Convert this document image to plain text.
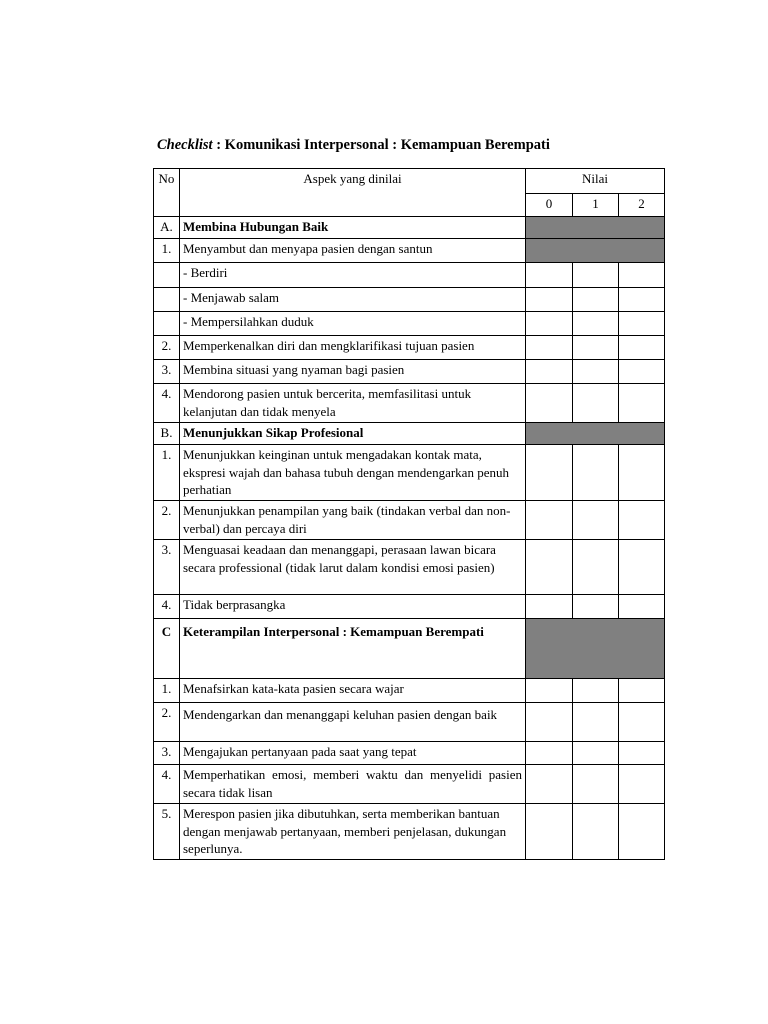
Checklist : Komunikasi Interpersonal : Kemampuan Berempati
No	Aspek yang dinilai	Nilai		
		0	1	2
A.	Membina Hubungan Baik			
1.	Menyambut dan menyapa pasien dengan santun			
	- Berdiri			
	- Menjawab salam			
	- Mempersilahkan duduk			
2.	Memperkenalkan diri dan mengklarifikasi tujuan pasien			
3.	Membina situasi yang nyaman bagi pasien			
4.	Mendorong pasien untuk bercerita, memfasilitasi untuk kelanjutan dan tidak menyela			
B.	Menunjukkan Sikap Profesional			
1.	Menunjukkan keinginan untuk mengadakan kontak mata, ekspresi wajah dan bahasa tubuh dengan mendengarkan penuh perhatian			
2.	Menunjukkan penampilan yang baik (tindakan verbal dan non-verbal) dan percaya diri			
3.	Menguasai keadaan dan menanggapi, perasaan lawan bicara secara professional (tidak larut dalam kondisi emosi pasien)			
4.	Tidak berprasangka			
C	Keterampilan Interpersonal : Kemampuan Berempati			
1.	Menafsirkan kata-kata pasien secara wajar			
2.	Mendengarkan dan menanggapi keluhan pasien dengan baik			
3.	Mengajukan pertanyaan pada saat yang tepat			
4.	Memperhatikan emosi, memberi waktu dan menyelidi pasien secara tidak lisan			
5.	Merespon pasien jika dibutuhkan, serta memberikan bantuan dengan menjawab pertanyaan, memberi penjelasan, dukungan seperlunya.			
